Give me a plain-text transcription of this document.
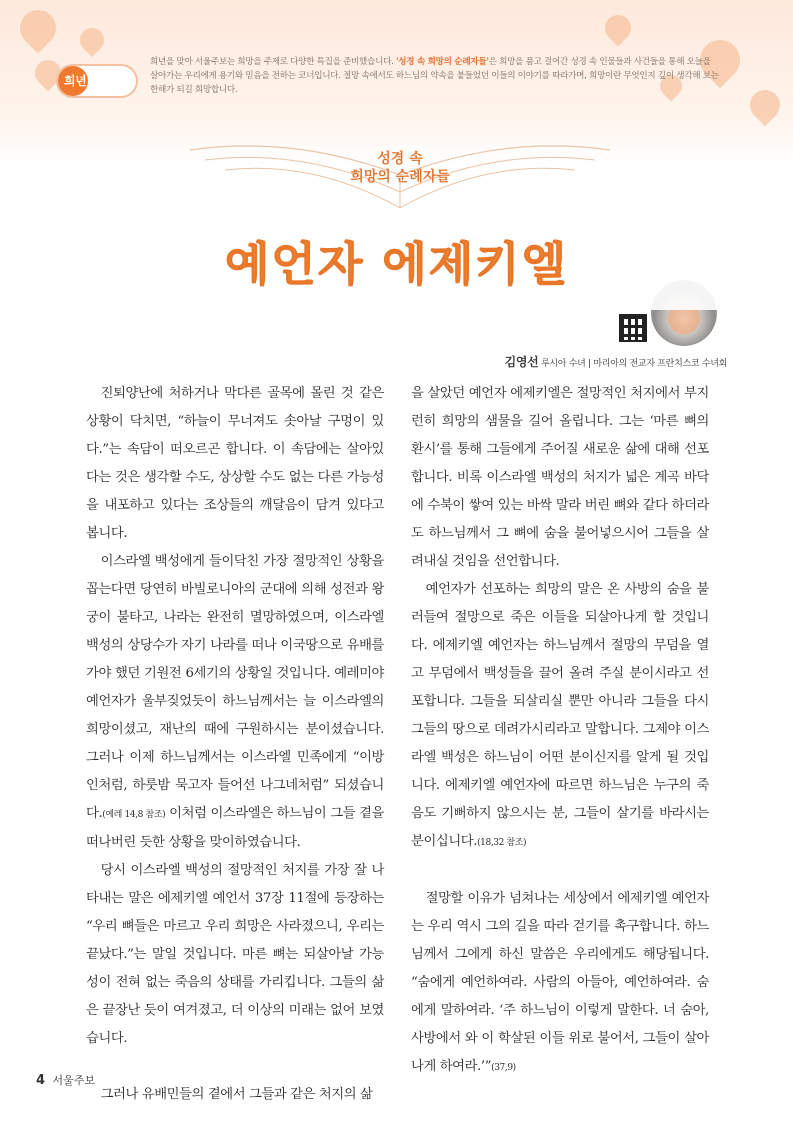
희년 특집
희년을 맞아 서울주보는 희망을 주제로 다양한 특집을 준비했습니다. '성경 속 희망의 순례자들'은 희망을 품고 걸어간 성경 속 인물들과 사건들을 통해 오늘을 살아가는 우리에게 용기와 믿음을 전하는 코너입니다. 절망 속에서도 하느님의 약속을 붙들었던 이들의 이야기를 따라가며, 희망이란 무엇인지 깊이 생각해 보는 한해가 되길 희망합니다.
성경 속
희망의 순례자들
예언자 에제키엘
김영선 루시아 수녀 | 마리아의 전교자 프란치스코 수녀회

진퇴양난에 처하거나 막다른 골목에 몰린 것 같은 상황이 닥치면, “하늘이 무너져도 솟아날 구멍이 있다.”는 속담이 떠오르곤 합니다. 이 속담에는 살아있다는 것은 생각할 수도, 상상할 수도 없는 다른 가능성을 내포하고 있다는 조상들의 깨달음이 담겨 있다고 봅니다.

이스라엘 백성에게 들이닥친 가장 절망적인 상황을 꼽는다면 당연히 바빌로니아의 군대에 의해 성전과 왕궁이 불타고, 나라는 완전히 멸망하였으며, 이스라엘 백성의 상당수가 자기 나라를 떠나 이국땅으로 유배를 가야 했던 기원전 6세기의 상황일 것입니다. 예레미야 예언자가 울부짖었듯이 하느님께서는 늘 이스라엘의 희망이셨고, 재난의 때에 구원하시는 분이셨습니다. 그러나 이제 하느님께서는 이스라엘 민족에게 “이방인처럼, 하룻밤 묵고자 들어선 나그네처럼” 되셨습니다.(예레 14,8 참조) 이처럼 이스라엘은 하느님이 그들 곁을 떠나버린 듯한 상황을 맞이하였습니다.

당시 이스라엘 백성의 절망적인 처지를 가장 잘 나타내는 말은 에제키엘 예언서 37장 11절에 등장하는 “우리 뼈들은 마르고 우리 희망은 사라졌으니, 우리는 끝났다.”는 말일 것입니다. 마른 뼈는 되살아날 가능성이 전혀 없는 죽음의 상태를 가리킵니다. 그들의 삶은 끝장난 듯이 여겨졌고, 더 이상의 미래는 없어 보였습니다.

그러나 유배민들의 곁에서 그들과 같은 처지의 삶

을 살았던 예언자 에제키엘은 절망적인 처지에서 부지런히 희망의 샘물을 길어 올립니다. 그는 ‘마른 뼈의 환시’를 통해 그들에게 주어질 새로운 삶에 대해 선포합니다. 비록 이스라엘 백성의 처지가 넓은 계곡 바닥에 수북이 쌓여 있는 바싹 말라 버린 뼈와 같다 하더라도 하느님께서 그 뼈에 숨을 불어넣으시어 그들을 살려내실 것임을 선언합니다.

예언자가 선포하는 희망의 말은 온 사방의 숨을 불러들여 절망으로 죽은 이들을 되살아나게 할 것입니다. 에제키엘 예언자는 하느님께서 절망의 무덤을 열고 무덤에서 백성들을 끌어 올려 주실 분이시라고 선포합니다. 그들을 되살리실 뿐만 아니라 그들을 다시 그들의 땅으로 데려가시리라고 말합니다. 그제야 이스라엘 백성은 하느님이 어떤 분이신지를 알게 될 것입니다. 에제키엘 예언자에 따르면 하느님은 누구의 죽음도 기뻐하지 않으시는 분, 그들이 살기를 바라시는 분이십니다.(18,32 참조)

절망할 이유가 넘쳐나는 세상에서 에제키엘 예언자는 우리 역시 그의 길을 따라 걷기를 촉구합니다. 하느님께서 그에게 하신 말씀은 우리에게도 해당됩니다. “숨에게 예언하여라. 사람의 아들아, 예언하여라. 숨에게 말하여라. ‘주 하느님이 이렇게 말한다. 너 숨아, 사방에서 와 이 학살된 이들 위로 불어서, 그들이 살아나게 하여라.’”(37,9)

4 서울주보
